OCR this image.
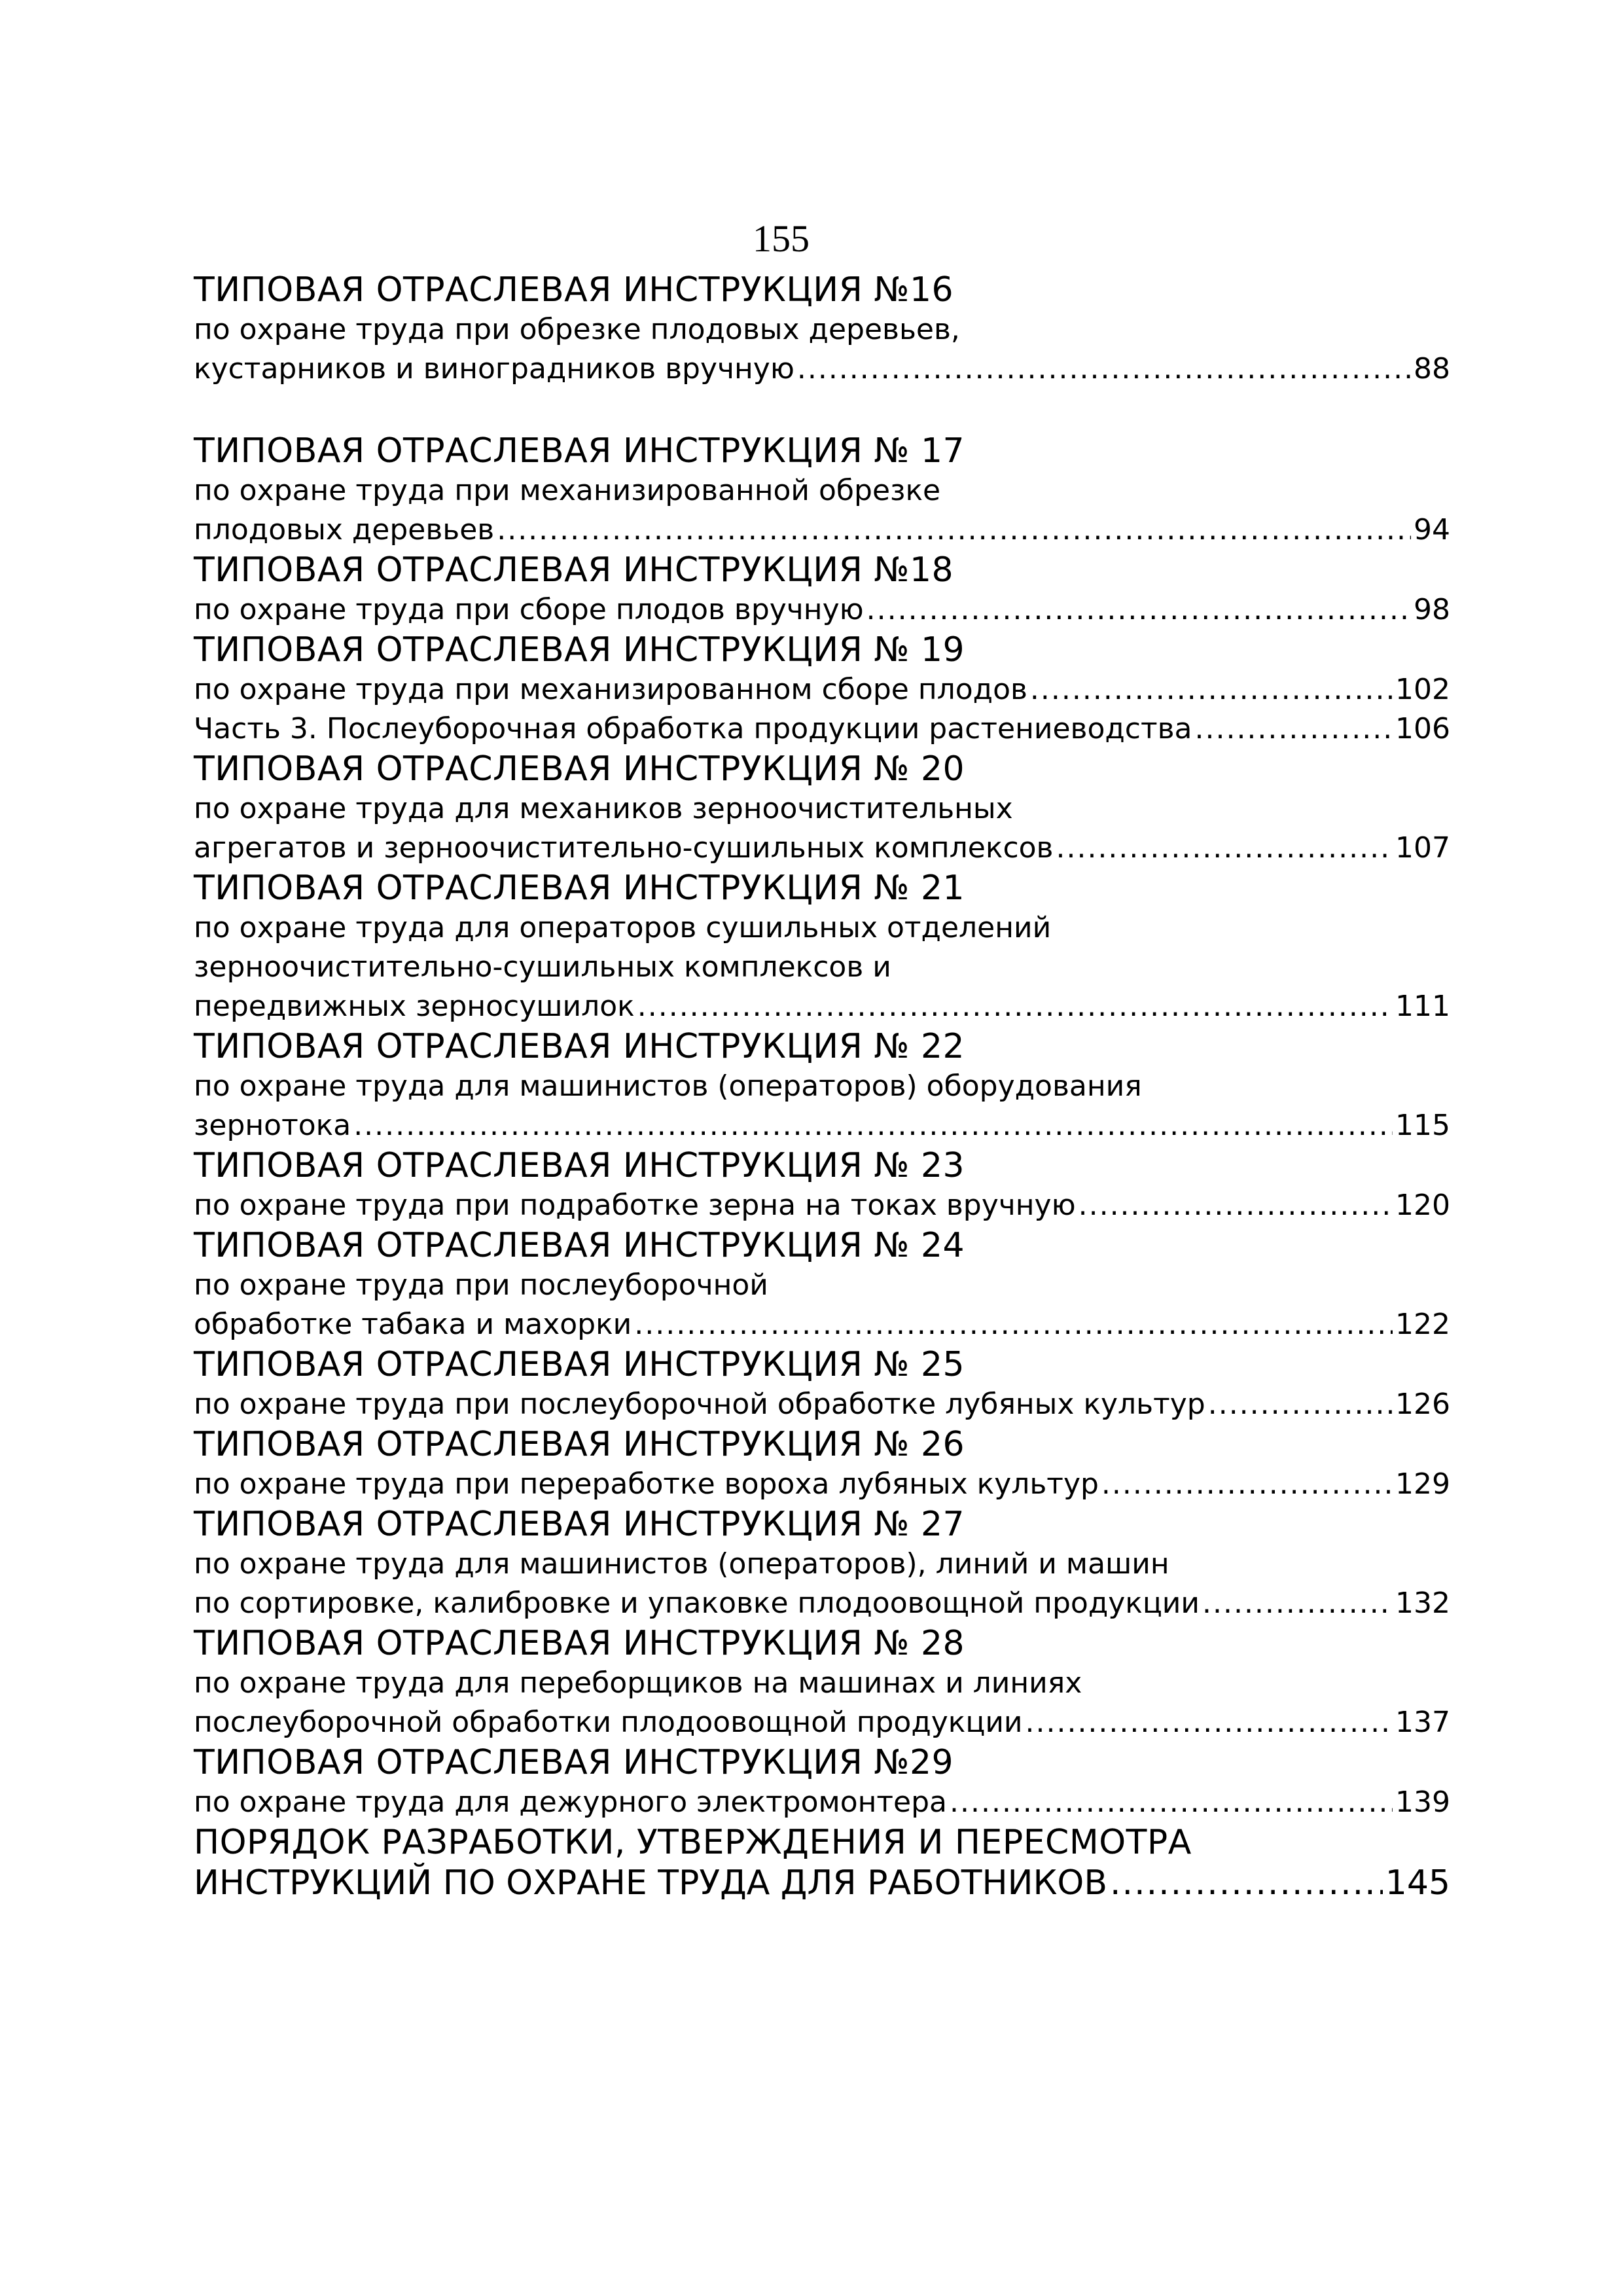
155
ТИПОВАЯ ОТРАСЛЕВАЯ ИНСТРУКЦИЯ №16
по охране труда при обрезке плодовых деревьев,
кустарников и виноградников вручную .....	88
ТИПОВАЯ ОТРАСЛЕВАЯ ИНСТРУКЦИЯ № 17
по охране труда при механизированной обрезке
плодовых деревьев .....	94
ТИПОВАЯ ОТРАСЛЕВАЯ ИНСТРУКЦИЯ №18
по охране труда при сборе плодов вручную .....	98
ТИПОВАЯ ОТРАСЛЕВАЯ ИНСТРУКЦИЯ № 19
по охране труда при механизированном сборе плодов .....	102
Часть 3. Послеуборочная обработка продукции растениеводства .....	106
ТИПОВАЯ ОТРАСЛЕВАЯ ИНСТРУКЦИЯ № 20
по охране труда для механиков зерноочистительных
агрегатов и зерноочистительно-сушильных комплексов .....	107
ТИПОВАЯ ОТРАСЛЕВАЯ ИНСТРУКЦИЯ № 21
по охране труда для операторов сушильных отделений
зерноочистительно-сушильных комплексов и
передвижных зерносушилок .....	111
ТИПОВАЯ ОТРАСЛЕВАЯ ИНСТРУКЦИЯ № 22
по охране труда для машинистов (операторов) оборудования
зернотока .....	115
ТИПОВАЯ ОТРАСЛЕВАЯ ИНСТРУКЦИЯ № 23
по охране труда при подработке зерна на токах вручную .....	120
ТИПОВАЯ ОТРАСЛЕВАЯ ИНСТРУКЦИЯ № 24
по охране труда при послеуборочной
обработке табака и махорки .....	122
ТИПОВАЯ ОТРАСЛЕВАЯ ИНСТРУКЦИЯ № 25
по охране труда при послеуборочной обработке лубяных культур .....	126
ТИПОВАЯ ОТРАСЛЕВАЯ ИНСТРУКЦИЯ № 26
по охране труда при переработке вороха лубяных культур .....	129
ТИПОВАЯ ОТРАСЛЕВАЯ ИНСТРУКЦИЯ № 27
по охране труда для машинистов (операторов), линий и машин
по сортировке, калибровке и упаковке плодоовощной продукции .....	132
ТИПОВАЯ ОТРАСЛЕВАЯ ИНСТРУКЦИЯ № 28
по охране труда для переборщиков на машинах и линиях
послеуборочной обработки плодоовощной продукции .....	137
ТИПОВАЯ ОТРАСЛЕВАЯ ИНСТРУКЦИЯ №29
по охране труда для дежурного электромонтера .....	139
ПОРЯДОК РАЗРАБОТКИ, УТВЕРЖДЕНИЯ И ПЕРЕСМОТРА
ИНСТРУКЦИЙ ПО ОХРАНЕ ТРУДА ДЛЯ РАБОТНИКОВ .....	145
